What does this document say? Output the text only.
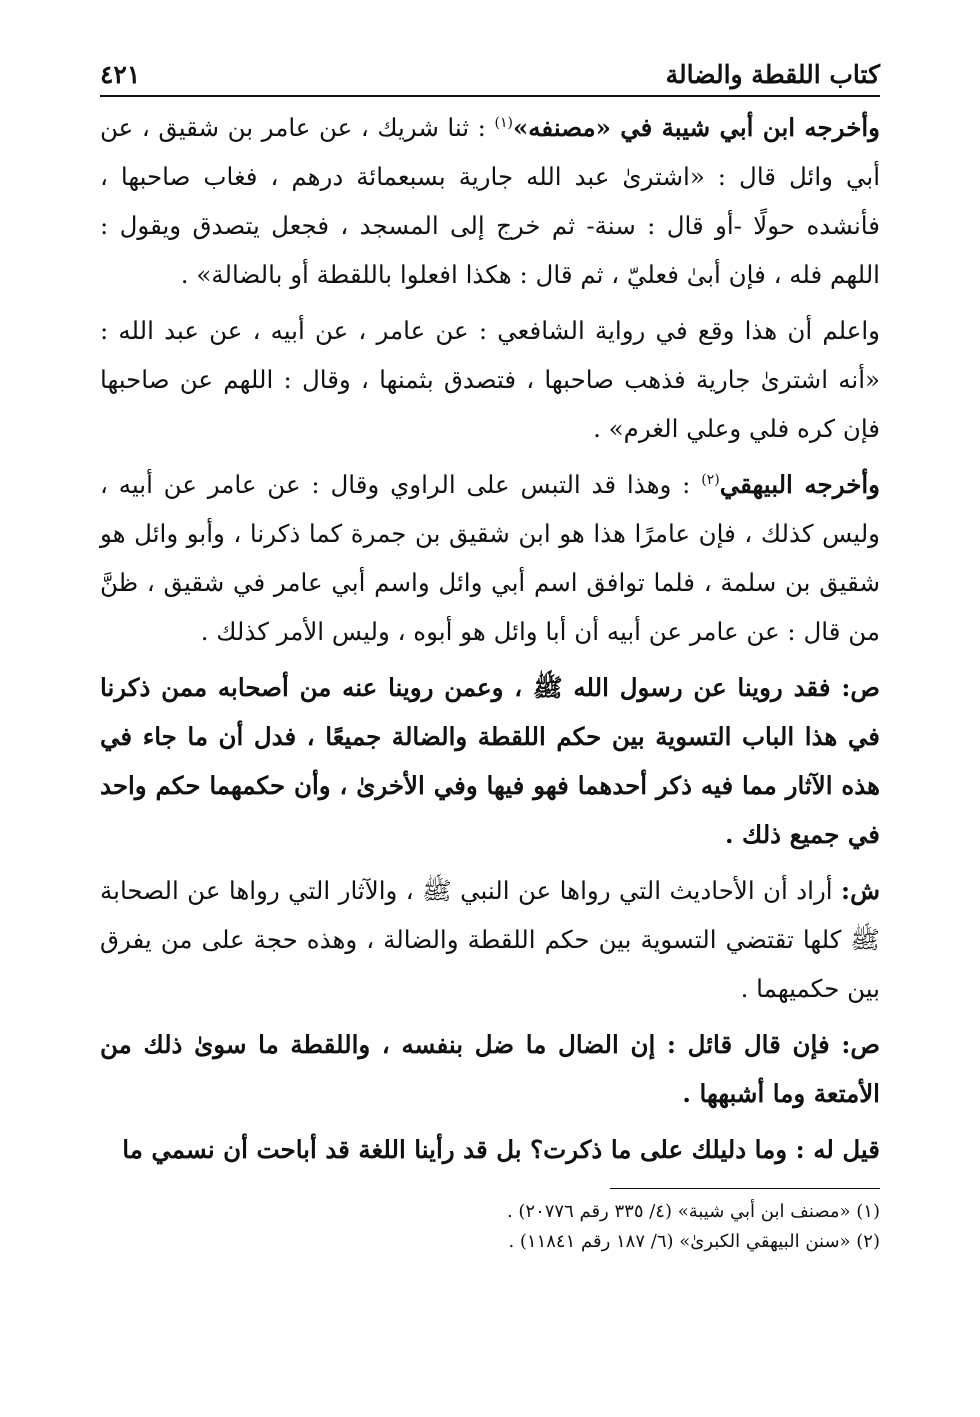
كتاب اللقطة والضالة
٤٢١

وأخرجه ابن أبي شيبة في «مصنفه»$^{(١)}$ : ثنا شريك ، عن عامر بن شقيق ، عن أبي وائل قال : «اشترىٰ عبد الله جارية بسبعمائة درهم ، فغاب صاحبها ، فأنشده حولًا -أو قال : سنة- ثم خرج إلى المسجد ، فجعل يتصدق ويقول : اللهم فله ، فإن أبىٰ فعليّ ، ثم قال : هكذا افعلوا باللقطة أو بالضالة» .

واعلم أن هذا وقع في رواية الشافعي : عن عامر ، عن أبيه ، عن عبد الله : «أنه اشترىٰ جارية فذهب صاحبها ، فتصدق بثمنها ، وقال : اللهم عن صاحبها فإن كره فلي وعلي الغرم» .

وأخرجه البيهقي$^{(٢)}$ : وهذا قد التبس على الراوي وقال : عن عامر عن أبيه ، وليس كذلك ، فإن عامرًا هذا هو ابن شقيق بن جمرة كما ذكرنا ، وأبو وائل هو شقيق بن سلمة ، فلما توافق اسم أبي وائل واسم أبي عامر في شقيق ، ظنَّ من قال : عن عامر عن أبيه أن أبا وائل هو أبوه ، وليس الأمر كذلك .

ص: فقد روينا عن رسول الله ﷺ ، وعمن روينا عنه من أصحابه ممن ذكرنا في هذا الباب التسوية بين حكم اللقطة والضالة جميعًا ، فدل أن ما جاء في هذه الآثار مما فيه ذكر أحدهما فهو فيها وفي الأخرىٰ ، وأن حكمهما حكم واحد في جميع ذلك .

ش: أراد أن الأحاديث التي رواها عن النبي ﷺ ، والآثار التي رواها عن الصحابة ﷺ كلها تقتضي التسوية بين حكم اللقطة والضالة ، وهذه حجة على من يفرق بين حكميهما .

ص: فإن قال قائل : إن الضال ما ضل بنفسه ، واللقطة ما سوىٰ ذلك من الأمتعة وما أشبهها .

قيل له : وما دليلك على ما ذكرت؟ بل قد رأينا اللغة قد أباحت أن نسمي ما

(١) «مصنف ابن أبي شيبة» (٤/ ٣٣٥ رقم ٢٠٧٧٦) .

(٢) «سنن البيهقي الكبرىٰ» (٦/ ١٨٧ رقم ١١٨٤١) .
